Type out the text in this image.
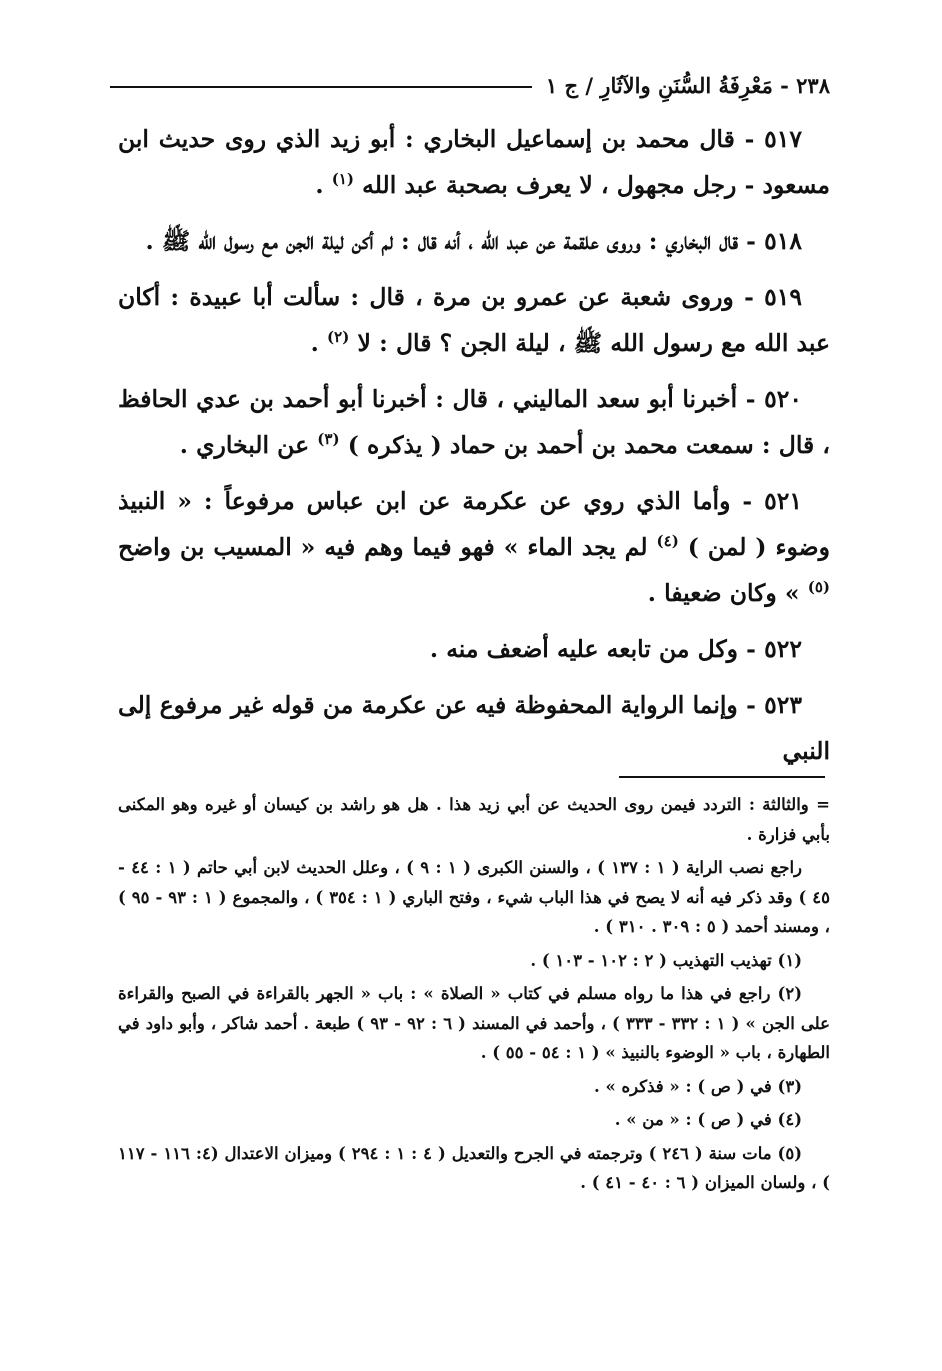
٢٣٨ - مَعْرِفَةُ السُّنَنِ والآثَارِ / ج ١

٥١٧ - قال محمد بن إسماعيل البخاري : أبو زيد الذي روى حديث ابن مسعود - رجل مجهول ، لا يعرف بصحبة عبد الله $^{(١)}$ .

٥١٨ - قال البخاري : وروى علقمة عن عبد الله ، أنه قال : لم أكن ليلة الجن مع رسول الله ﷺ .

٥١٩ - وروى شعبة عن عمرو بن مرة ، قال : سألت أبا عبيدة : أكان عبد الله مع رسول الله ﷺ ، ليلة الجن ؟ قال : لا $^{(٢)}$ .

٥٢٠ - أخبرنا أبو سعد الماليني ، قال : أخبرنا أبو أحمد بن عدي الحافظ ، قال : سمعت محمد بن أحمد بن حماد ( يذكره ) $^{(٣)}$ عن البخاري .

٥٢١ - وأما الذي روي عن عكرمة عن ابن عباس مرفوعاً : « النبيذ وضوء ( لمن ) $^{(٤)}$ لم يجد الماء » فهو فيما وهم فيه « المسيب بن واضح $^{(٥)}$ » وكان ضعيفا .

٥٢٢ - وكل من تابعه عليه أضعف منه .

٥٢٣ - وإنما الرواية المحفوظة فيه عن عكرمة من قوله غير مرفوع إلى النبي

= والثالثة : التردد فيمن روى الحديث عن أبي زيد هذا . هل هو راشد بن كيسان أو غيره وهو المكنى بأبي فزارة .

راجع نصب الراية ( ١ : ١٣٧ ) ، والسنن الكبرى ( ١ : ٩ ) ، وعلل الحديث لابن أبي حاتم ( ١ : ٤٤ - ٤٥ ) وقد ذكر فيه أنه لا يصح في هذا الباب شيء ، وفتح الباري ( ١ : ٣٥٤ ) ، والمجموع ( ١ : ٩٣ - ٩٥ ) ، ومسند أحمد ( ٥ : ٣٠٩ . ٣١٠ ) .

(١) تهذيب التهذيب ( ٢ : ١٠٢ - ١٠٣ ) .

(٢) راجع في هذا ما رواه مسلم في كتاب « الصلاة » : باب « الجهر بالقراءة في الصبح والقراءة على الجن » ( ١ : ٣٣٢ - ٣٣٣ ) ، وأحمد في المسند ( ٦ : ٩٢ - ٩٣ ) طبعة . أحمد شاكر ، وأبو داود في الطهارة ، باب « الوضوء بالنبيذ » ( ١ : ٥٤ - ٥٥ ) .

(٣) في ( ص ) : « فذكره » .

(٤) في ( ص ) : « من » .

(٥) مات سنة ( ٢٤٦ ) وترجمته في الجرح والتعديل ( ٤ : ١ : ٢٩٤ ) وميزان الاعتدال (٤: ١١٦ - ١١٧ ) ، ولسان الميزان ( ٦ : ٤٠ - ٤١ ) .
